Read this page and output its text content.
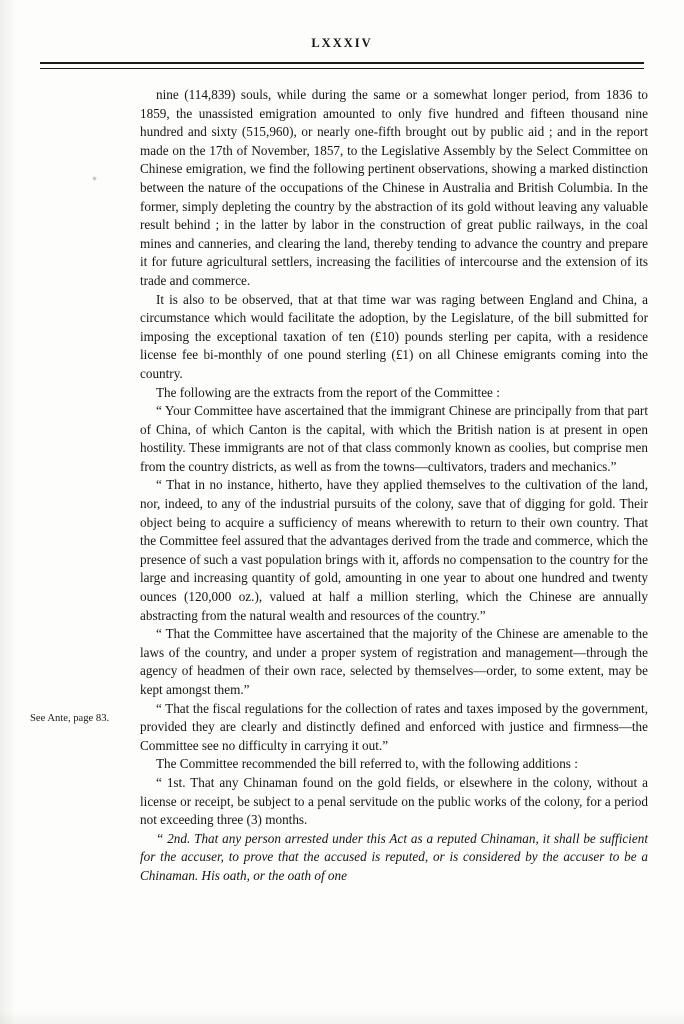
LXXXIV
See Ante, page 83.

nine (114,839) souls, while during the same or a somewhat longer period, from 1836 to 1859, the unassisted emigration amounted to only five hundred and fifteen thousand nine hundred and sixty (515,960), or nearly one-fifth brought out by public aid ; and in the report made on the 17th of November, 1857, to the Legislative Assembly by the Select Committee on Chinese emigration, we find the following pertinent observations, showing a marked distinction between the nature of the occupations of the Chinese in Australia and British Columbia. In the former, simply depleting the country by the abstraction of its gold without leaving any valuable result behind ; in the latter by labor in the construction of great public railways, in the coal mines and canneries, and clearing the land, thereby tending to advance the country and prepare it for future agricultural settlers, increasing the facilities of intercourse and the extension of its trade and commerce.

It is also to be observed, that at that time war was raging between England and China, a circumstance which would facilitate the adoption, by the Legislature, of the bill submitted for imposing the exceptional taxation of ten (£10) pounds sterling per capita, with a residence license fee bi-monthly of one pound sterling (£1) on all Chinese emigrants coming into the country.

The following are the extracts from the report of the Committee :

“ Your Committee have ascertained that the immigrant Chinese are principally from that part of China, of which Canton is the capital, with which the British nation is at present in open hostility. These immigrants are not of that class commonly known as coolies, but comprise men from the country districts, as well as from the towns—cultivators, traders and mechanics.”

“ That in no instance, hitherto, have they applied themselves to the cultivation of the land, nor, indeed, to any of the industrial pursuits of the colony, save that of digging for gold. Their object being to acquire a sufficiency of means wherewith to return to their own country. That the Committee feel assured that the advantages derived from the trade and commerce, which the presence of such a vast population brings with it, affords no compensation to the country for the large and increasing quantity of gold, amounting in one year to about one hundred and twenty ounces (120,000 oz.), valued at half a million sterling, which the Chinese are annually abstracting from the natural wealth and resources of the country.”

“ That the Committee have ascertained that the majority of the Chinese are amenable to the laws of the country, and under a proper system of registration and management—through the agency of headmen of their own race, selected by themselves—order, to some extent, may be kept amongst them.”

“ That the fiscal regulations for the collection of rates and taxes imposed by the government, provided they are clearly and distinctly defined and enforced with justice and firmness—the Committee see no difficulty in carrying it out.”

The Committee recommended the bill referred to, with the following additions :

“ 1st. That any Chinaman found on the gold fields, or elsewhere in the colony, without a license or receipt, be subject to a penal servitude on the public works of the colony, for a period not exceeding three (3) months.

“ 2nd. That any person arrested under this Act as a reputed Chinaman, it shall be sufficient for the accuser, to prove that the accused is reputed, or is considered by the accuser to be a Chinaman. His oath, or the oath of one
